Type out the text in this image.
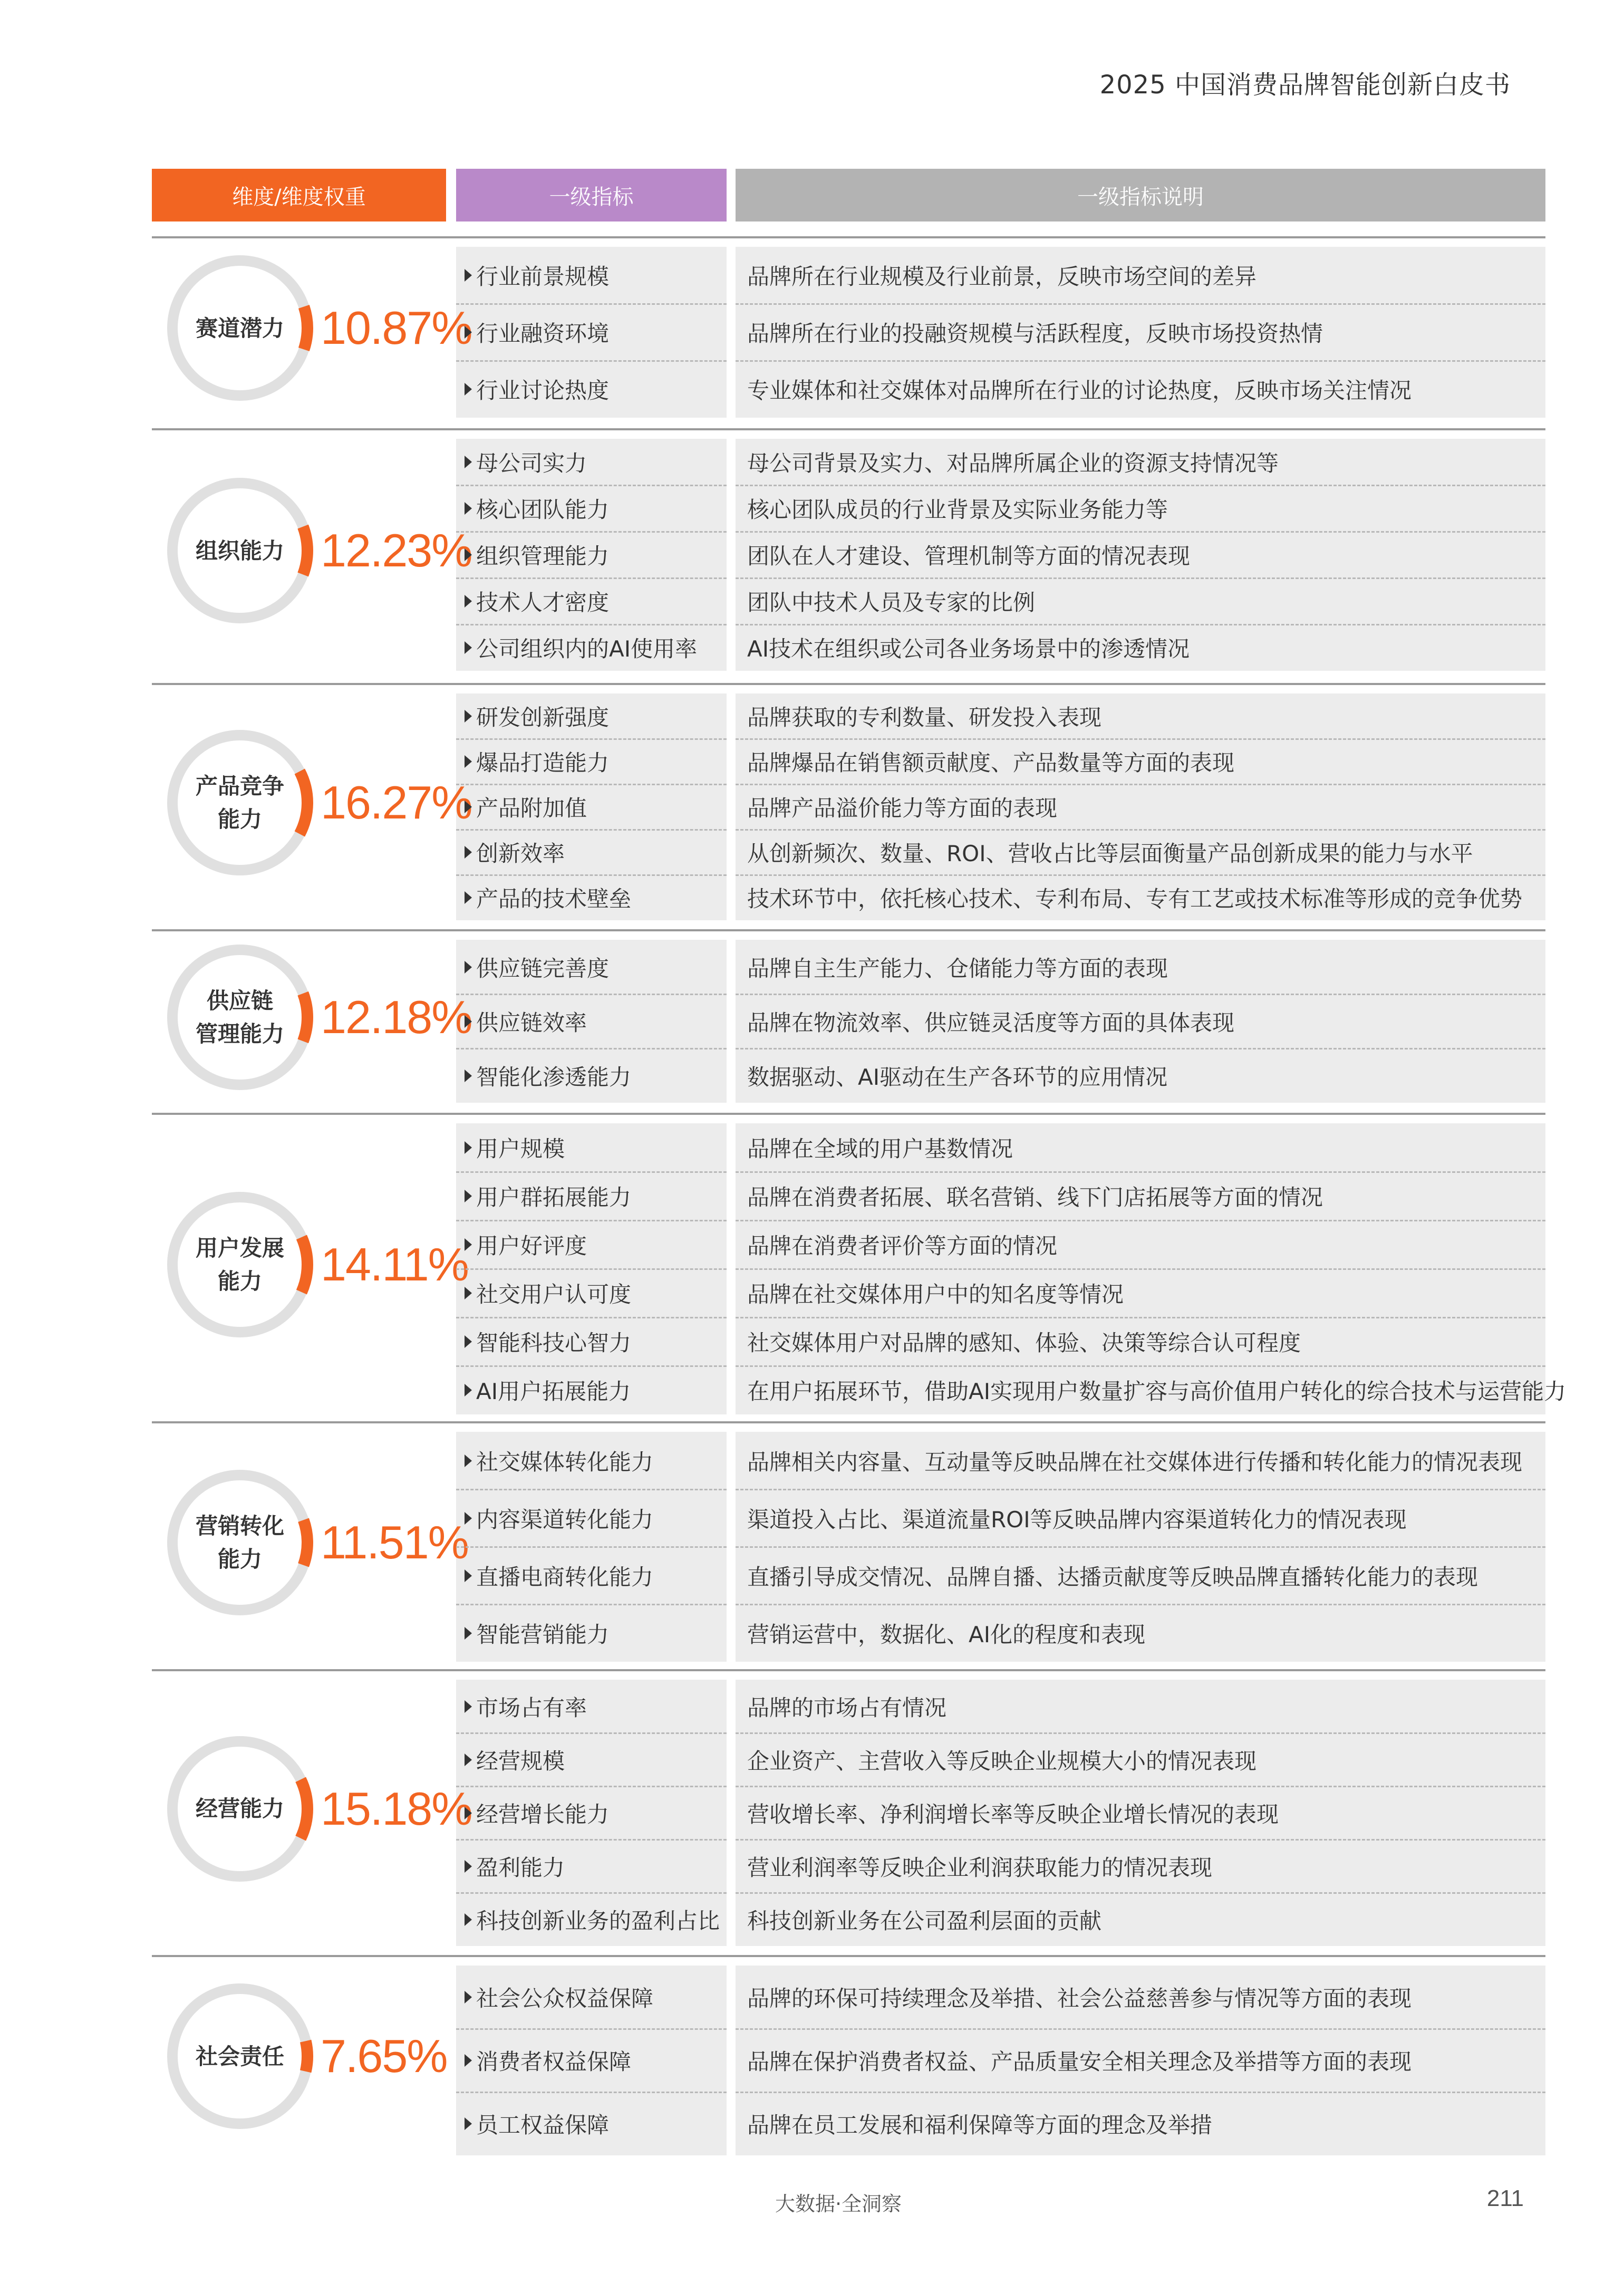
2025 中国消费品牌智能创新白皮书
维度/维度权重	一级指标	一级指标说明
赛道潜力 10.87%
行业前景规模	品牌所在行业规模及行业前景，反映市场空间的差异
行业融资环境	品牌所在行业的投融资规模与活跃程度，反映市场投资热情
行业讨论热度	专业媒体和社交媒体对品牌所在行业的讨论热度，反映市场关注情况
组织能力 12.23%
母公司实力	母公司背景及实力、对品牌所属企业的资源支持情况等
核心团队能力	核心团队成员的行业背景及实际业务能力等
组织管理能力	团队在人才建设、管理机制等方面的情况表现
技术人才密度	团队中技术人员及专家的比例
公司组织内的AI使用率 AI技术在组织或公司各业务场景中的渗透情况
产品竞争
能力	16.27%
研发创新强度	品牌获取的专利数量、研发投入表现
爆品打造能力	品牌爆品在销售额贡献度、产品数量等方面的表现
产品附加值	品牌产品溢价能力等方面的表现
创新效率	从创新频次、数量、ROI、营收占比等层面衡量产品创新成果的能力与水平
产品的技术壁垒	技术环节中，依托核心技术、专利布局、专有工艺或技术标准等形成的竞争优势
供应链
管理能力 12.18%
供应链完善度	品牌自主生产能力、仓储能力等方面的表现
供应链效率	品牌在物流效率、供应链灵活度等方面的具体表现
智能化渗透能力	数据驱动、AI驱动在生产各环节的应用情况
用户发展
能力	14.11%
用户规模	品牌在全域的用户基数情况
用户群拓展能力	品牌在消费者拓展、联名营销、线下门店拓展等方面的情况
用户好评度	品牌在消费者评价等方面的情况
社交用户认可度	品牌在社交媒体用户中的知名度等情况
智能科技心智力	社交媒体用户对品牌的感知、体验、决策等综合认可程度
AI用户拓展能力	在用户拓展环节，借助AI实现用户数量扩容与高价值用户转化的综合技术与运营能力
营销转化
能力	11.51%
社交媒体转化能力	品牌相关内容量、互动量等反映品牌在社交媒体进行传播和转化能力的情况表现
内容渠道转化能力	渠道投入占比、渠道流量ROI等反映品牌内容渠道转化力的情况表现
直播电商转化能力	直播引导成交情况、品牌自播、达播贡献度等反映品牌直播转化能力的表现
智能营销能力	营销运营中，数据化、AI化的程度和表现
经营能力 15.18%
市场占有率	品牌的市场占有情况
经营规模	企业资产、主营收入等反映企业规模大小的情况表现
经营增长能力	营收增长率、净利润增长率等反映企业增长情况的表现
盈利能力	营业利润率等反映企业利润获取能力的情况表现
科技创新业务的盈利占比 科技创新业务在公司盈利层面的贡献
社会责任 7.65%
社会公众权益保障	品牌的环保可持续理念及举措、社会公益慈善参与情况等方面的表现
消费者权益保障	品牌在保护消费者权益、产品质量安全相关理念及举措等方面的表现
员工权益保障	品牌在员工发展和福利保障等方面的理念及举措
大数据·全洞察	211
